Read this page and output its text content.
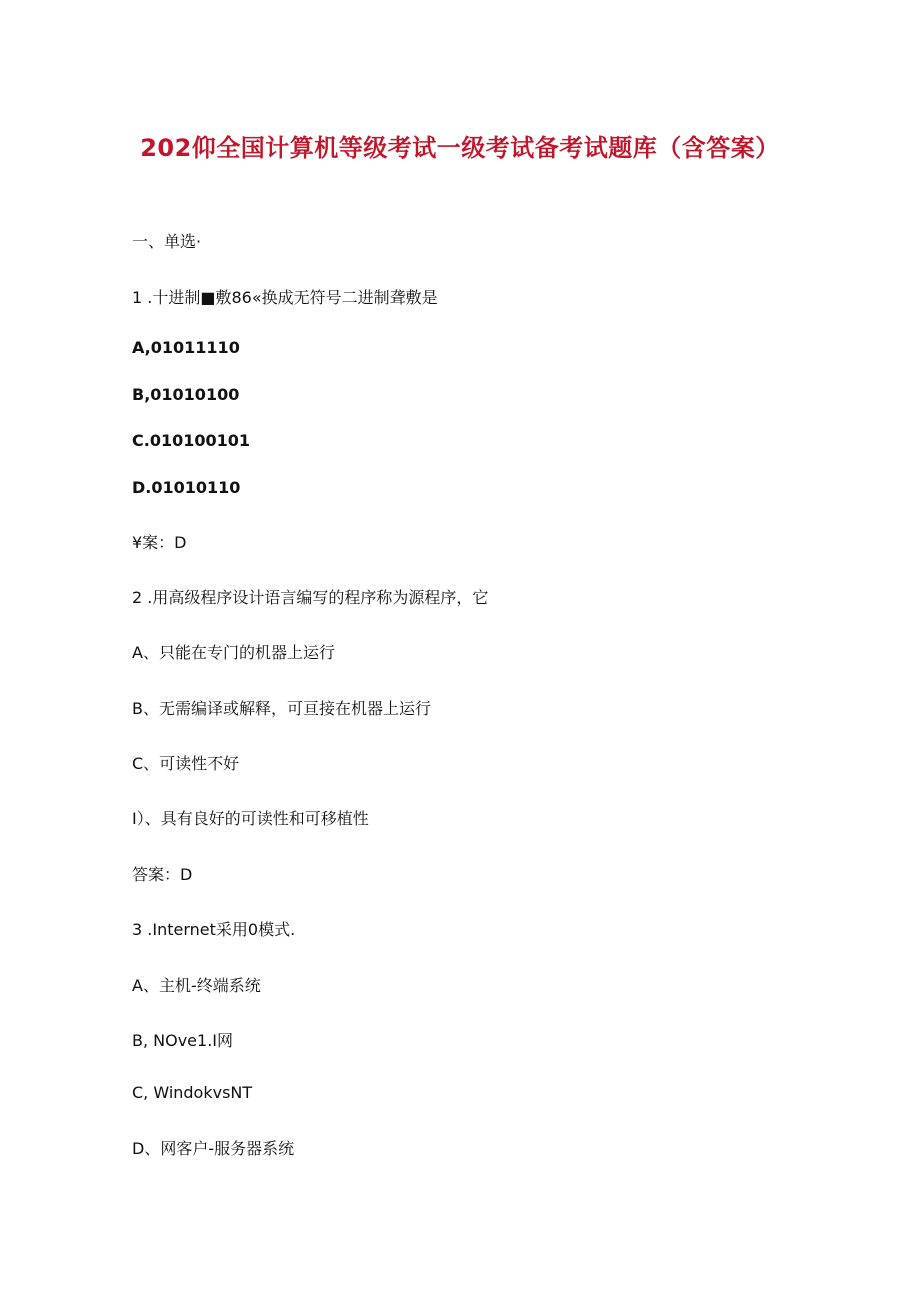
202仰全国计算机等级考试一级考试备考试题库（含答案）
一、单选·
1 .十进制■敷86«换成无符号二进制聋敷是
A,01011110
B,01010100
C.010100101
D.01010110
¥案：D
2 .用高级程序设计语言编写的程序称为源程序，它
A、只能在专门的机器上运行
B、无需编译或解释，可亘接在机器上运行
C、可读性不好
I）、具有良好的可读性和可移植性
答案：D
3 .Internet采用0模式.
A、主机-终端系统
B, NOve1.I网
C, WindokvsNT
D、网客户-服务器系统
